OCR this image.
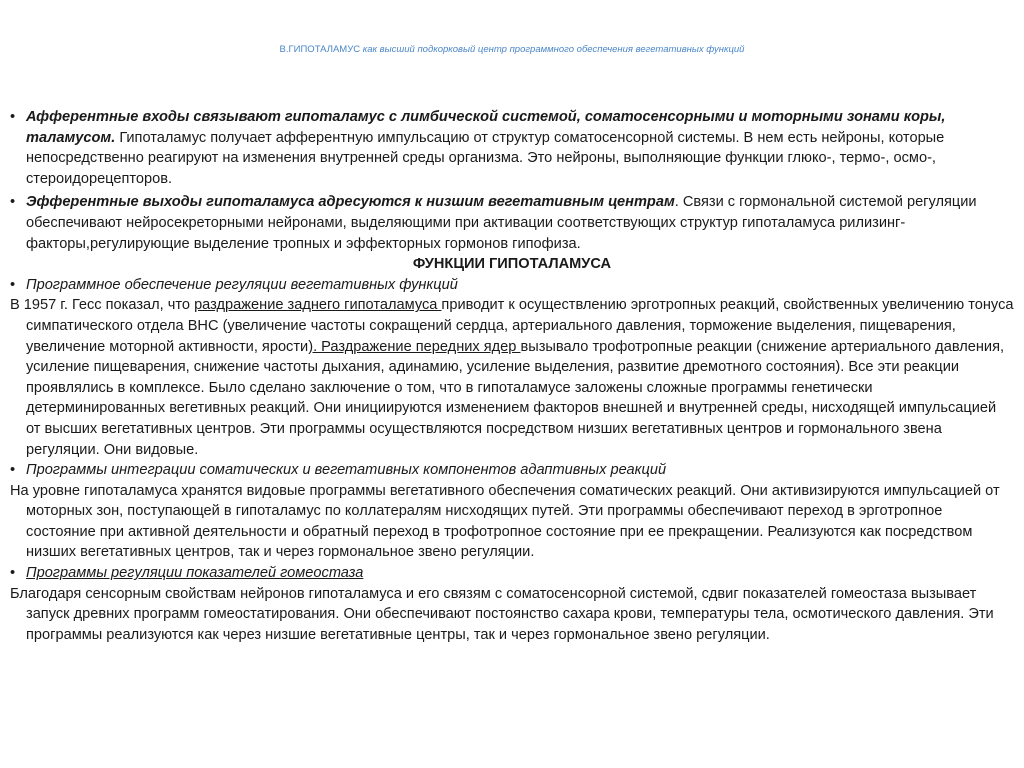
В.ГИПОТАЛАМУС как высший подкорковый центр программного обеспечения вегетативных функций

• Афферентные входы связывают гипоталамус с лимбической системой, соматосенсорными и моторными зонами коры, таламусом. Гипоталамус получает афферентную импульсацию от структур соматосенсорной системы. В нем есть нейроны, которые непосредственно реагируют на изменения внутренней среды организма. Это нейроны, выполняющие функции глюко-, термо-, осмо-, стероидорецепторов.

• Эфферентные выходы гипоталамуса адресуются к низшим вегетативным центрам. Связи с гормональной системой регуляции обеспечивают нейросекреторными нейронами, выделяющими при активации соответствующих структур гипоталамуса рилизинг-факторы,регулирующие выделение тропных и эффекторных гормонов гипофиза.

ФУНКЦИИ ГИПОТАЛАМУСА

• Программное обеспечение регуляции вегетативных функций

В 1957 г. Гесс показал, что раздражение заднего гипоталамуса приводит к осуществлению эрготропных реакций, свойственных увеличению тонуса симпатического отдела ВНС (увеличение частоты сокращений сердца, артериального давления, торможение выделения, пищеварения, увеличение моторной активности, ярости). Раздражение передних ядер вызывало трофотропные реакции (снижение артериального давления, усиление пищеварения, снижение частоты дыхания, адинамию, усиление выделения, развитие дремотного состояния). Все эти реакции проявлялись в комплексе. Было сделано заключение о том, что в гипоталамусе заложены сложные программы генетически детерминированных вегетивных реакций. Они инициируются изменением факторов внешней и внутренней среды, нисходящей импульсацией от высших вегетативных центров. Эти программы осуществляются посредством низших вегетативных центров и гормонального звена регуляции. Они видовые.

• Программы интеграции соматических и вегетативных компонентов адаптивных реакций

На уровне гипоталамуса хранятся видовые программы вегетативного обеспечения соматических реакций. Они активизируются импульсацией от моторных зон, поступающей в гипоталамус по коллатералям нисходящих путей. Эти программы обеспечивают переход в эрготропное состояние при активной деятельности и обратный переход в трофотропное состояние при ее прекращении. Реализуются как посредством низших вегетативных центров, так и через гормональное звено регуляции.

• Программы регуляции показателей гомеостаза

Благодаря сенсорным свойствам нейронов гипоталамуса и его связям с соматосенсорной системой, сдвиг показателей гомеостаза вызывает запуск древних программ гомеостатирования. Они обеспечивают постоянство сахара крови, температуры тела, осмотического давления. Эти программы реализуются как через низшие вегетативные центры, так и через гормональное звено регуляции.
